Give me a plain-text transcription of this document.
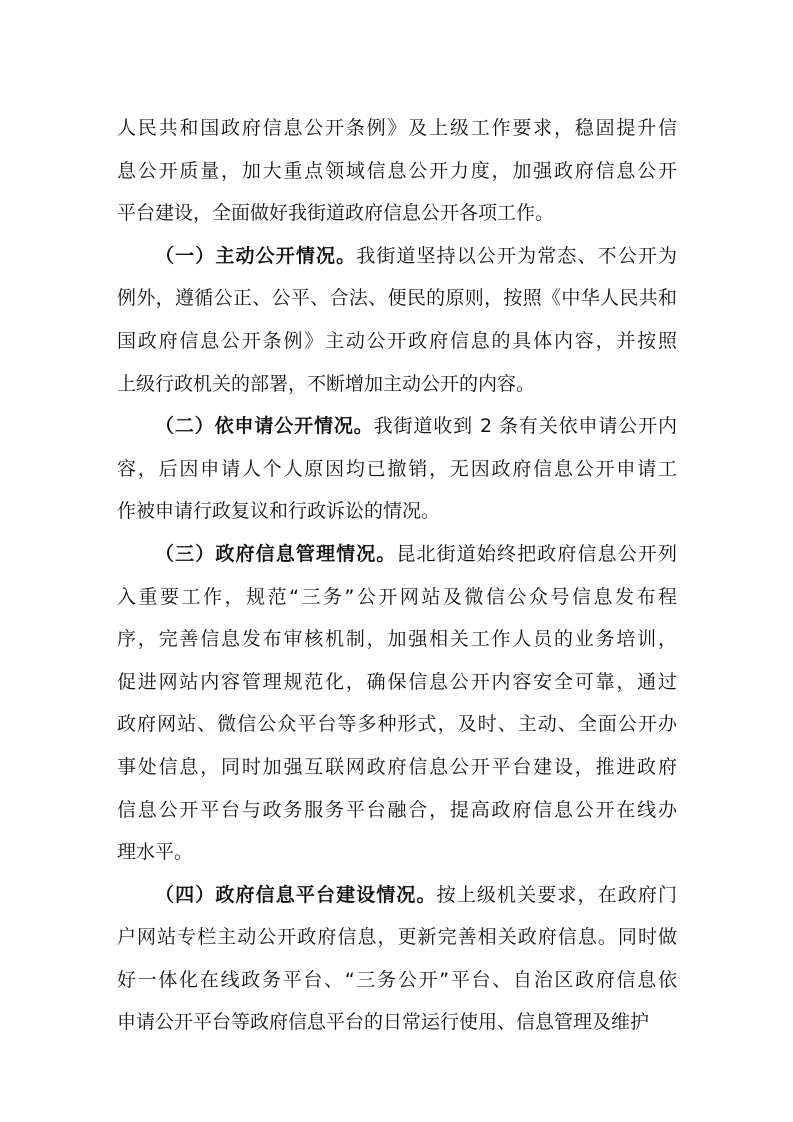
人民共和国政府信息公开条例》及上级工作要求，稳固提升信
息公开质量，加大重点领域信息公开力度，加强政府信息公开
平台建设，全面做好我街道政府信息公开各项工作。
（一）主动公开情况。我街道坚持以公开为常态、不公开为
例外，遵循公正、公平、合法、便民的原则，按照《中华人民共和
国政府信息公开条例》主动公开政府信息的具体内容，并按照
上级行政机关的部署，不断增加主动公开的内容。
（二）依申请公开情况。我街道收到 2 条有关依申请公开内
容，后因申请人个人原因均已撤销，无因政府信息公开申请工
作被申请行政复议和行政诉讼的情况。
（三）政府信息管理情况。昆北街道始终把政府信息公开列
入重要工作，规范“三务”公开网站及微信公众号信息发布程
序，完善信息发布审核机制，加强相关工作人员的业务培训，
促进网站内容管理规范化，确保信息公开内容安全可靠，通过
政府网站、微信公众平台等多种形式，及时、主动、全面公开办
事处信息，同时加强互联网政府信息公开平台建设，推进政府
信息公开平台与政务服务平台融合，提高政府信息公开在线办
理水平。
（四）政府信息平台建设情况。按上级机关要求，在政府门
户网站专栏主动公开政府信息，更新完善相关政府信息。同时做
好一体化在线政务平台、“三务公开”平台、自治区政府信息依
申请公开平台等政府信息平台的日常运行使用、信息管理及维护
